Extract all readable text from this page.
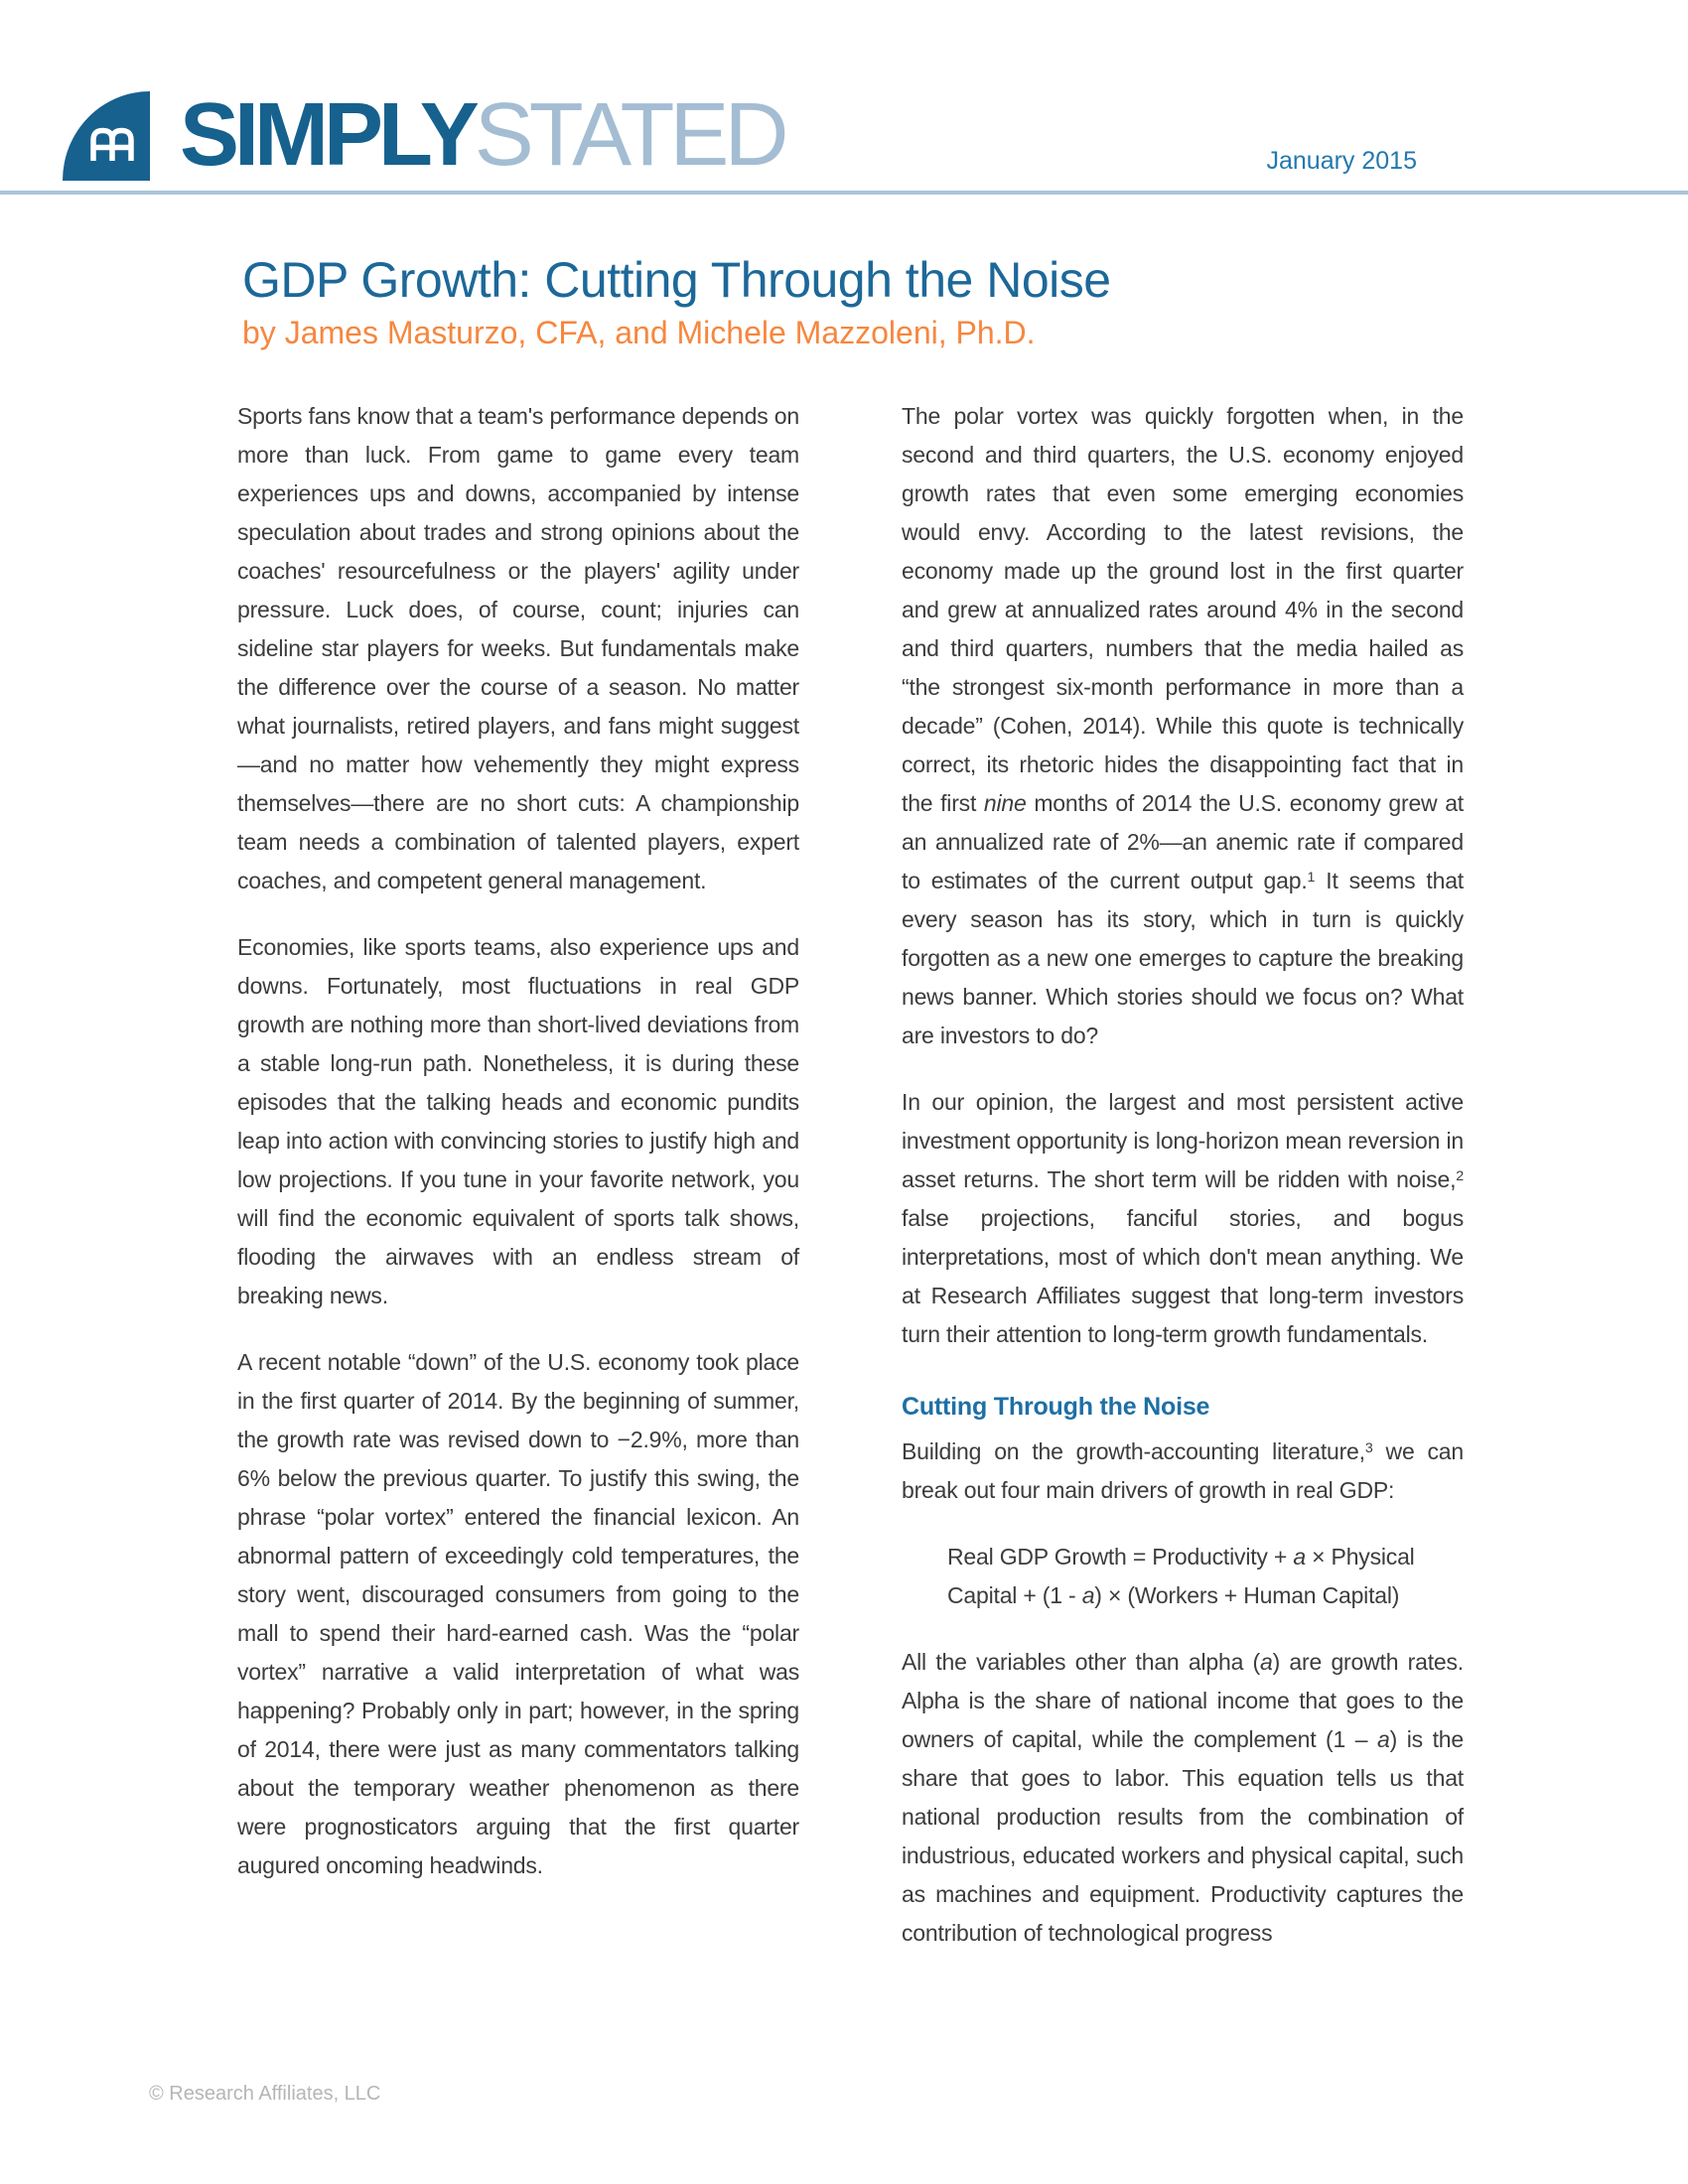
SIMPLYSTATED	January 2015
GDP Growth: Cutting Through the Noise
by James Masturzo, CFA, and Michele Mazzoleni, Ph.D.

Sports fans know that a team's performance depends on more than luck. From game to game every team experiences ups and downs, accompanied by intense speculation about trades and strong opinions about the coaches' resourcefulness or the players' agility under pressure. Luck does, of course, count; injuries can sideline star players for weeks. But fundamentals make the difference over the course of a season. No matter what journalists, retired players, and fans might suggest—and no matter how vehemently they might express themselves—there are no short cuts: A championship team needs a combination of talented players, expert coaches, and competent general management.

Economies, like sports teams, also experience ups and downs. Fortunately, most fluctuations in real GDP growth are nothing more than short-lived deviations from a stable long-run path. Nonetheless, it is during these episodes that the talking heads and economic pundits leap into action with convincing stories to justify high and low projections. If you tune in your favorite network, you will find the economic equivalent of sports talk shows, flooding the airwaves with an endless stream of breaking news.

A recent notable “down” of the U.S. economy took place in the first quarter of 2014. By the beginning of summer, the growth rate was revised down to −2.9%, more than 6% below the previous quarter. To justify this swing, the phrase “polar vortex” entered the financial lexicon. An abnormal pattern of exceedingly cold temperatures, the story went, discouraged consumers from going to the mall to spend their hard-earned cash. Was the “polar vortex” narrative a valid interpretation of what was happening? Probably only in part; however, in the spring of 2014, there were just as many commentators talking about the temporary weather phenomenon as there were prognosticators arguing that the first quarter augured oncoming headwinds.

The polar vortex was quickly forgotten when, in the second and third quarters, the U.S. economy enjoyed growth rates that even some emerging economies would envy. According to the latest revisions, the economy made up the ground lost in the first quarter and grew at annualized rates around 4% in the second and third quarters, numbers that the media hailed as “the strongest six-month performance in more than a decade” (Cohen, 2014). While this quote is technically correct, its rhetoric hides the disappointing fact that in the first nine months of 2014 the U.S. economy grew at an annualized rate of 2%—an anemic rate if compared to estimates of the current output gap.$^1$ It seems that every season has its story, which in turn is quickly forgotten as a new one emerges to capture the breaking news banner. Which stories should we focus on? What are investors to do?

In our opinion, the largest and most persistent active investment opportunity is long-horizon mean reversion in asset returns. The short term will be ridden with noise,$^2$ false projections, fanciful stories, and bogus interpretations, most of which don't mean anything. We at Research Affiliates suggest that long-term investors turn their attention to long-term growth fundamentals.

Cutting Through the Noise

Building on the growth-accounting literature,$^3$ we can break out four main drivers of growth in real GDP:

Real GDP Growth = Productivity + a × Physical Capital + (1 - a) × (Workers + Human Capital)

All the variables other than alpha (a) are growth rates. Alpha is the share of national income that goes to the owners of capital, while the complement (1 – a) is the share that goes to labor. This equation tells us that national production results from the combination of industrious, educated workers and physical capital, such as machines and equipment. Productivity captures the contribution of technological progress

© Research Affiliates, LLC
